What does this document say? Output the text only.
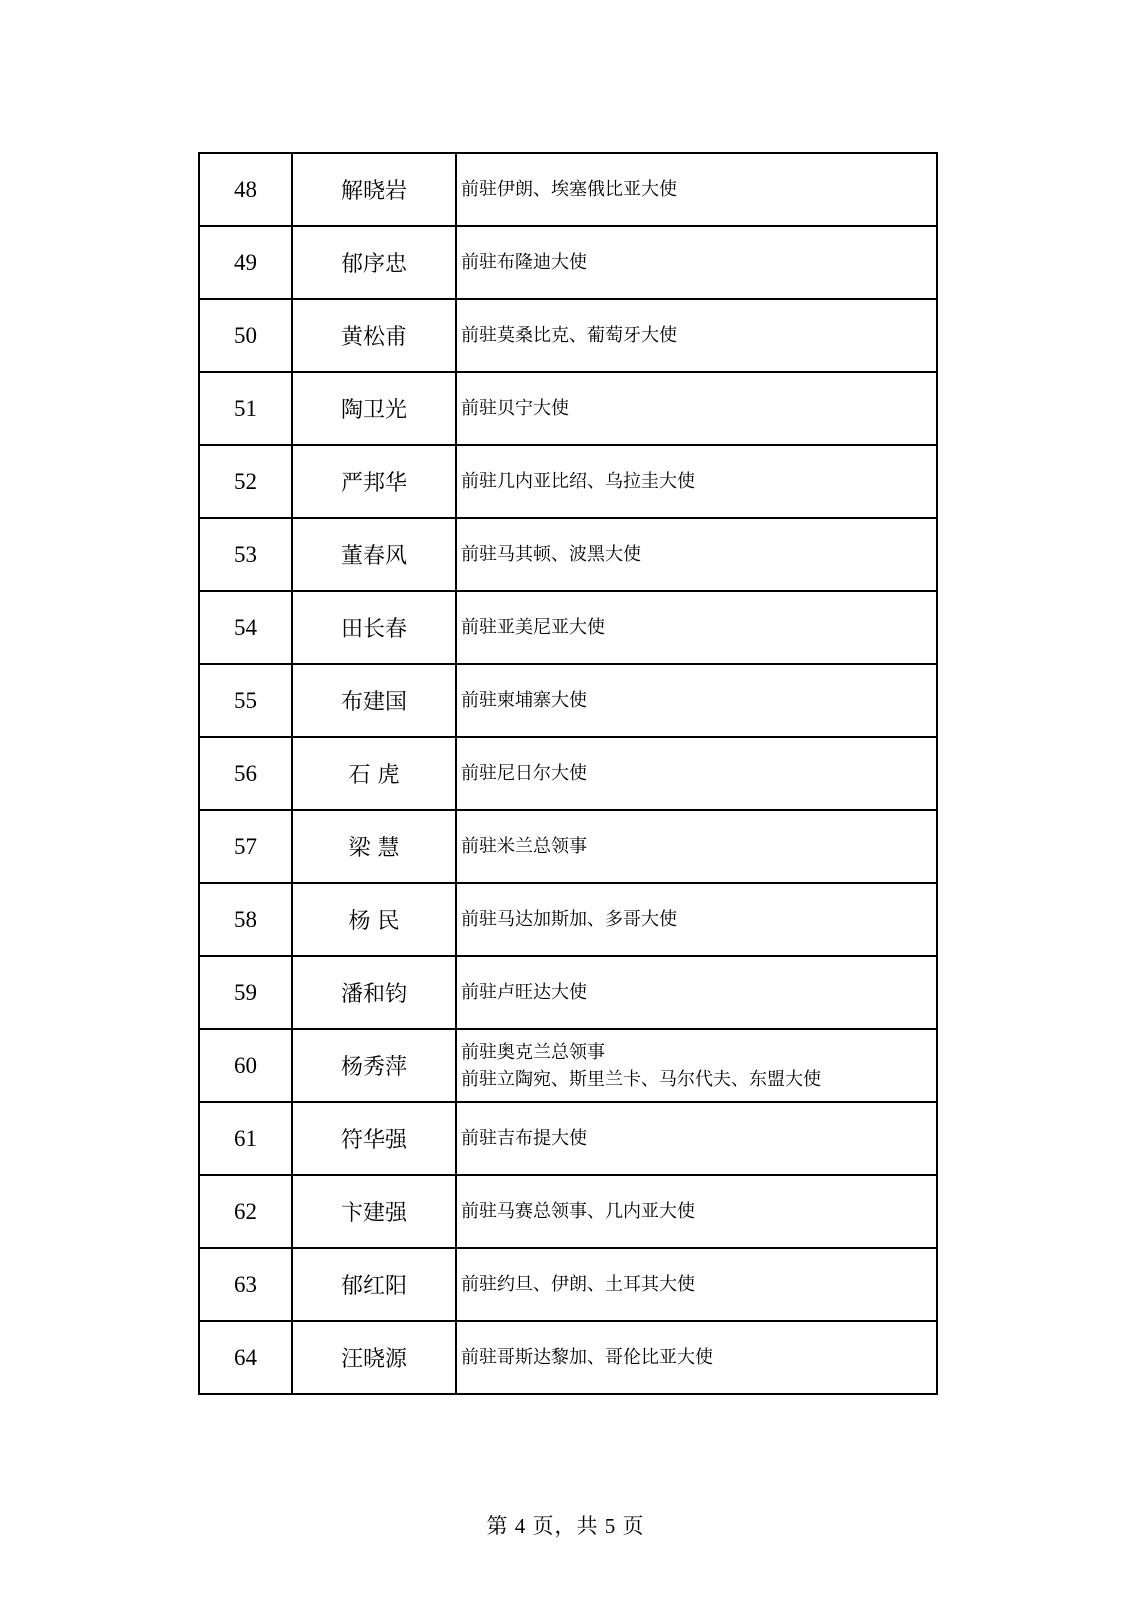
48	解晓岩	前驻伊朗、埃塞俄比亚大使

49	郁序忠	前驻布隆迪大使

50	黄松甫	前驻莫桑比克、葡萄牙大使

51	陶卫光	前驻贝宁大使

52	严邦华	前驻几内亚比绍、乌拉圭大使

53	董春风	前驻马其顿、波黑大使

54	田长春	前驻亚美尼亚大使

55	布建国	前驻柬埔寨大使

56	石 虎	前驻尼日尔大使

57	梁 慧	前驻米兰总领事

58	杨 民	前驻马达加斯加、多哥大使

59	潘和钧	前驻卢旺达大使

60	杨秀萍	前驻奥克兰总领事
前驻立陶宛、斯里兰卡、马尔代夫、东盟大使

61	符华强	前驻吉布提大使

62	卞建强	前驻马赛总领事、几内亚大使

63	郁红阳	前驻约旦、伊朗、土耳其大使

64	汪晓源	前驻哥斯达黎加、哥伦比亚大使
第 4 页，共 5 页
